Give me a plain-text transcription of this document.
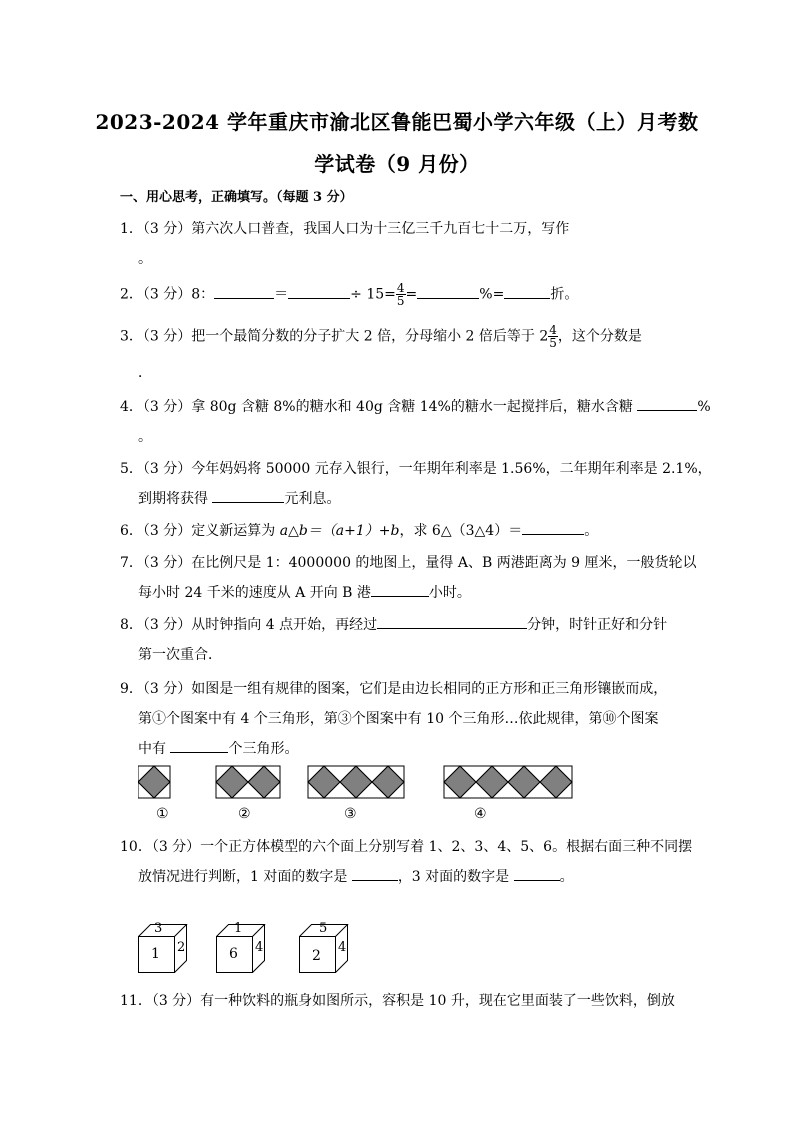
2023-2024 学年重庆市渝北区鲁能巴蜀小学六年级（上）月考数
学试卷（9 月份）
一、用心思考，正确填写。（每题 3 分）
1．（3 分）第六次人口普查，我国人口为十三亿三千九百七十二万，写作
。
2．（3 分）8：	＝	÷ $15= \frac{4}{5}$ =	%=	折。
3．（3 分）把一个最简分数的分子扩大 2 倍，分母缩小 2 倍后等于 $2 \frac{4}{5}$ ，这个分数是
．
4．（3 分）拿 80g 含糖 8%的糖水和 40g 含糖 14%的糖水一起搅拌后，糖水含糖	%
。
5．（3 分）今年妈妈将 50000 元存入银行，一年期年利率是 1.56%，二年期年利率是 2.1%，
到期将获得	元利息。
6．（3 分）定义新运算为 a△b＝（a+1）+b，求 6△（3△4）＝	。
7．（3 分）在比例尺是 1：4000000 的地图上，量得 A、B 两港距离为 9 厘米，一般货轮以
每小时 24 千米的速度从 A 开向 B 港	小时。
8．（3 分）从时钟指向 4 点开始，再经过	分钟，时针正好和分针
第一次重合．
9．（3 分）如图是一组有规律的图案，它们是由边长相同的正方形和正三角形镶嵌而成，
第①个图案中有 4 个三角形，第③个图案中有 10 个三角形…依此规律，第⑩个图案
中有	个三角形。
①	②	③	④
10．（3 分）一个正方体模型的六个面上分别写着 1、2、3、4、5、6。根据右面三种不同摆
放情况进行判断，1 对面的数字是	，3 对面的数字是	。
3
1 2
1
6 4
5
2
4
11．（3 分）有一种饮料的瓶身如图所示，容积是 10 升，现在它里面装了一些饮料，倒放
